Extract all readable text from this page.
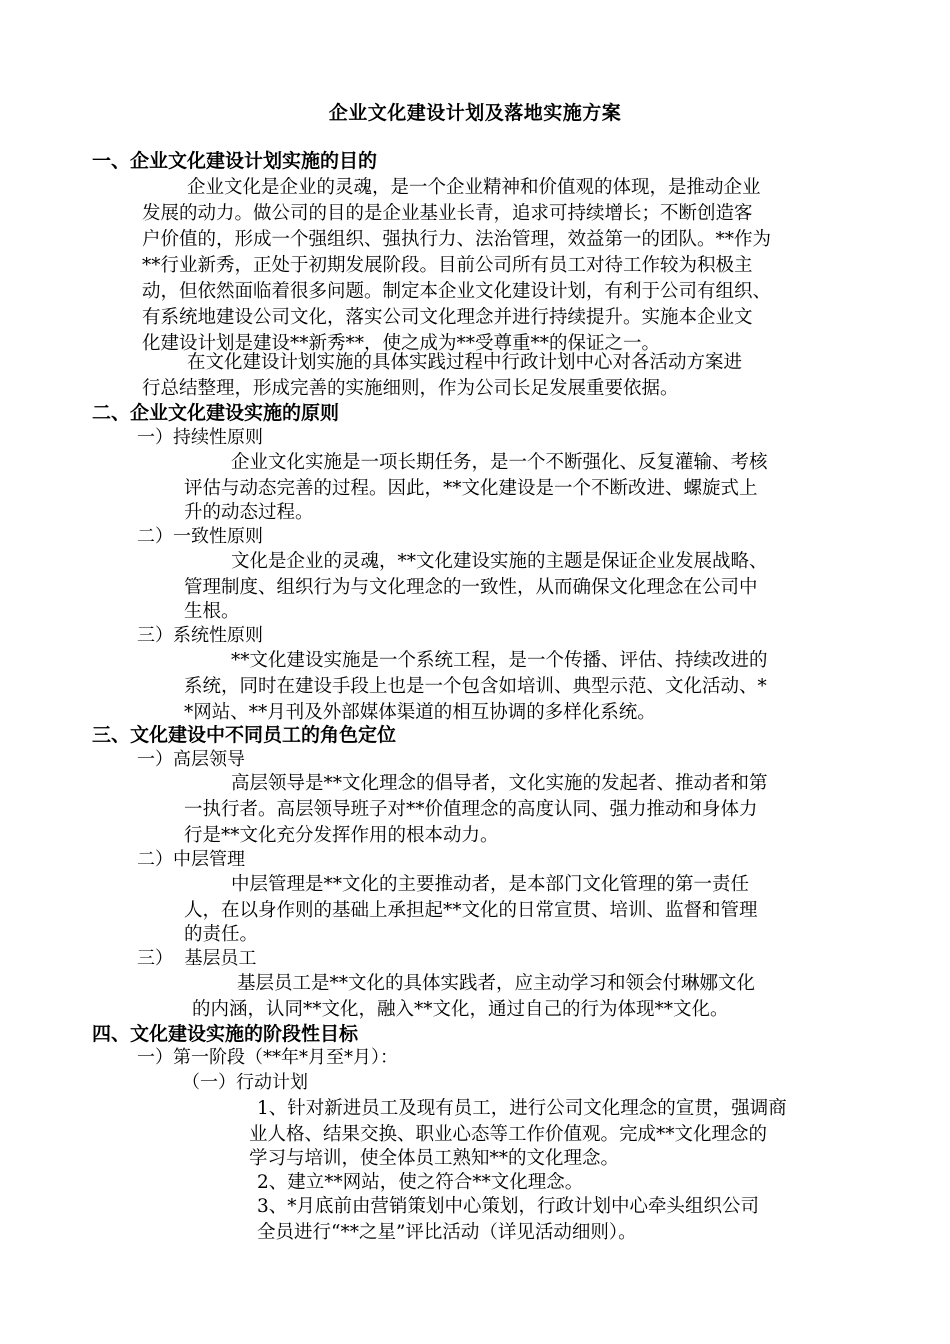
企业文化建设计划及落地实施方案
一、企业文化建设计划实施的目的
企业文化是企业的灵魂，是一个企业精神和价值观的体现，是推动企业
发展的动力。做公司的目的是企业基业长青，追求可持续增长；不断创造客
户价值的，形成一个强组织、强执行力、法治管理，效益第一的团队。**作为
**行业新秀，正处于初期发展阶段。目前公司所有员工对待工作较为积极主
动，但依然面临着很多问题。制定本企业文化建设计划，有利于公司有组织、
有系统地建设公司文化，落实公司文化理念并进行持续提升。实施本企业文
化建设计划是建设**新秀**，使之成为**受尊重**的保证之一。
在文化建设计划实施的具体实践过程中行政计划中心对各活动方案进
行总结整理，形成完善的实施细则，作为公司长足发展重要依据。
二、企业文化建设实施的原则
一）持续性原则
企业文化实施是一项长期任务，是一个不断强化、反复灌输、考核
评估与动态完善的过程。因此，**文化建设是一个不断改进、螺旋式上
升的动态过程。
二）一致性原则
文化是企业的灵魂，**文化建设实施的主题是保证企业发展战略、
管理制度、组织行为与文化理念的一致性，从而确保文化理念在公司中
生根。
三）系统性原则
**文化建设实施是一个系统工程，是一个传播、评估、持续改进的
系统，同时在建设手段上也是一个包含如培训、典型示范、文化活动、*
*网站、**月刊及外部媒体渠道的相互协调的多样化系统。
三、文化建设中不同员工的角色定位
一）高层领导
高层领导是**文化理念的倡导者，文化实施的发起者、推动者和第
一执行者。高层领导班子对**价值理念的高度认同、强力推动和身体力
行是**文化充分发挥作用的根本动力。
二）中层管理
中层管理是**文化的主要推动者，是本部门文化管理的第一责任
人，在以身作则的基础上承担起**文化的日常宣贯、培训、监督和管理
的责任。
三）  基层员工
基层员工是**文化的具体实践者，应主动学习和领会付琳娜文化
的内涵，认同**文化，融入**文化，通过自己的行为体现**文化。
四、文化建设实施的阶段性目标
一）第一阶段（**年*月至*月）：
（一）行动计划
1、针对新进员工及现有员工，进行公司文化理念的宣贯，强调商
业人格、结果交换、职业心态等工作价值观。完成**文化理念的
学习与培训，使全体员工熟知**的文化理念。
2、建立**网站，使之符合**文化理念。
3、*月底前由营销策划中心策划，行政计划中心牵头组织公司
全员进行“**之星”评比活动（详见活动细则）。
